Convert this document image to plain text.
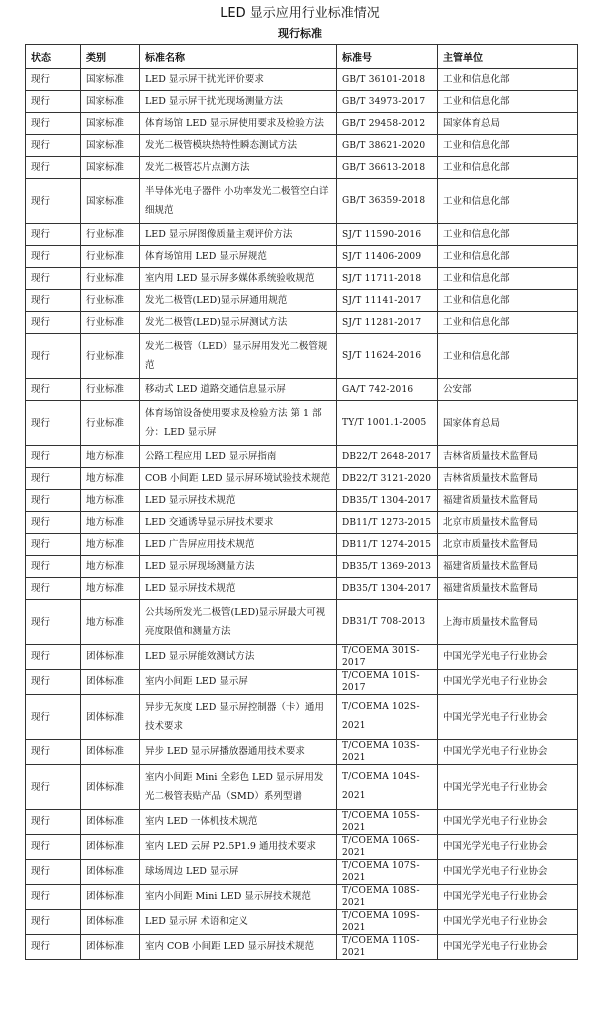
LED 显示应用行业标准情况
现行标准
状态	类别	标准名称	标准号	主管单位
现行	国家标准	LED 显示屏干扰光评价要求	GB/T 36101-2018	工业和信息化部
现行	国家标准	LED 显示屏干扰光现场测量方法	GB/T 34973-2017	工业和信息化部
现行	国家标准	体育场馆 LED 显示屏使用要求及检验方法	GB/T 29458-2012	国家体育总局
现行	国家标准	发光二极管模块热特性瞬态测试方法	GB/T 38621-2020	工业和信息化部
现行	国家标准	发光二极管芯片点测方法	GB/T 36613-2018	工业和信息化部
现行	国家标准	半导体光电子器件 小功率发光二极管空白详细规范	GB/T 36359-2018	工业和信息化部
现行	行业标准	LED 显示屏图像质量主观评价方法	SJ/T 11590-2016	工业和信息化部
现行	行业标准	体育场馆用 LED 显示屏规范	SJ/T 11406-2009	工业和信息化部
现行	行业标准	室内用 LED 显示屏多媒体系统验收规范	SJ/T 11711-2018	工业和信息化部
现行	行业标准	发光二极管(LED)显示屏通用规范	SJ/T 11141-2017	工业和信息化部
现行	行业标准	发光二极管(LED)显示屏测试方法	SJ/T 11281-2017	工业和信息化部
现行	行业标准	发光二极管（LED）显示屏用发光二极管规范	SJ/T 11624-2016	工业和信息化部
现行	行业标准	移动式 LED 道路交通信息显示屏	GA/T 742-2016	公安部
现行	行业标准	体育场馆设备使用要求及检验方法 第 1 部分：LED 显示屏	TY/T 1001.1-2005	国家体育总局
现行	地方标准	公路工程应用 LED 显示屏指南	DB22/T 2648-2017	吉林省质量技术监督局
现行	地方标准	COB 小间距 LED 显示屏环境试验技术规范	DB22/T 3121-2020	吉林省质量技术监督局
现行	地方标准	LED 显示屏技术规范	DB35/T 1304-2017	福建省质量技术监督局
现行	地方标准	LED 交通诱导显示屏技术要求	DB11/T 1273-2015	北京市质量技术监督局
现行	地方标准	LED 广告屏应用技术规范	DB11/T 1274-2015	北京市质量技术监督局
现行	地方标准	LED 显示屏现场测量方法	DB35/T 1369-2013	福建省质量技术监督局
现行	地方标准	LED 显示屏技术规范	DB35/T 1304-2017	福建省质量技术监督局
现行	地方标准	公共场所发光二极管(LED)显示屏最大可视亮度限值和测量方法	DB31/T 708-2013	上海市质量技术监督局
现行	团体标准	LED 显示屏能效测试方法	T/COEMA 301S-2017	中国光学光电子行业协会
现行	团体标准	室内小间距 LED 显示屏	T/COEMA 101S-2017	中国光学光电子行业协会
现行	团体标准	异步无灰度 LED 显示屏控制器（卡）通用技术要求	T/COEMA 102S-2021	中国光学光电子行业协会
现行	团体标准	异步 LED 显示屏播放器通用技术要求	T/COEMA 103S-2021	中国光学光电子行业协会
现行	团体标准	室内小间距 Mini 全彩色 LED 显示屏用发光二极管表贴产品（SMD）系列型谱	T/COEMA 104S-2021	中国光学光电子行业协会
现行	团体标准	室内 LED 一体机技术规范	T/COEMA 105S-2021	中国光学光电子行业协会
现行	团体标准	室内 LED 云屏 P2.5P1.9 通用技术要求	T/COEMA 106S-2021	中国光学光电子行业协会
现行	团体标准	球场周边 LED 显示屏	T/COEMA 107S-2021	中国光学光电子行业协会
现行	团体标准	室内小间距 Mini LED 显示屏技术规范	T/COEMA 108S-2021	中国光学光电子行业协会
现行	团体标准	LED 显示屏 术语和定义	T/COEMA 109S-2021	中国光学光电子行业协会
现行	团体标准	室内 COB 小间距 LED 显示屏技术规范	T/COEMA 110S-2021	中国光学光电子行业协会
